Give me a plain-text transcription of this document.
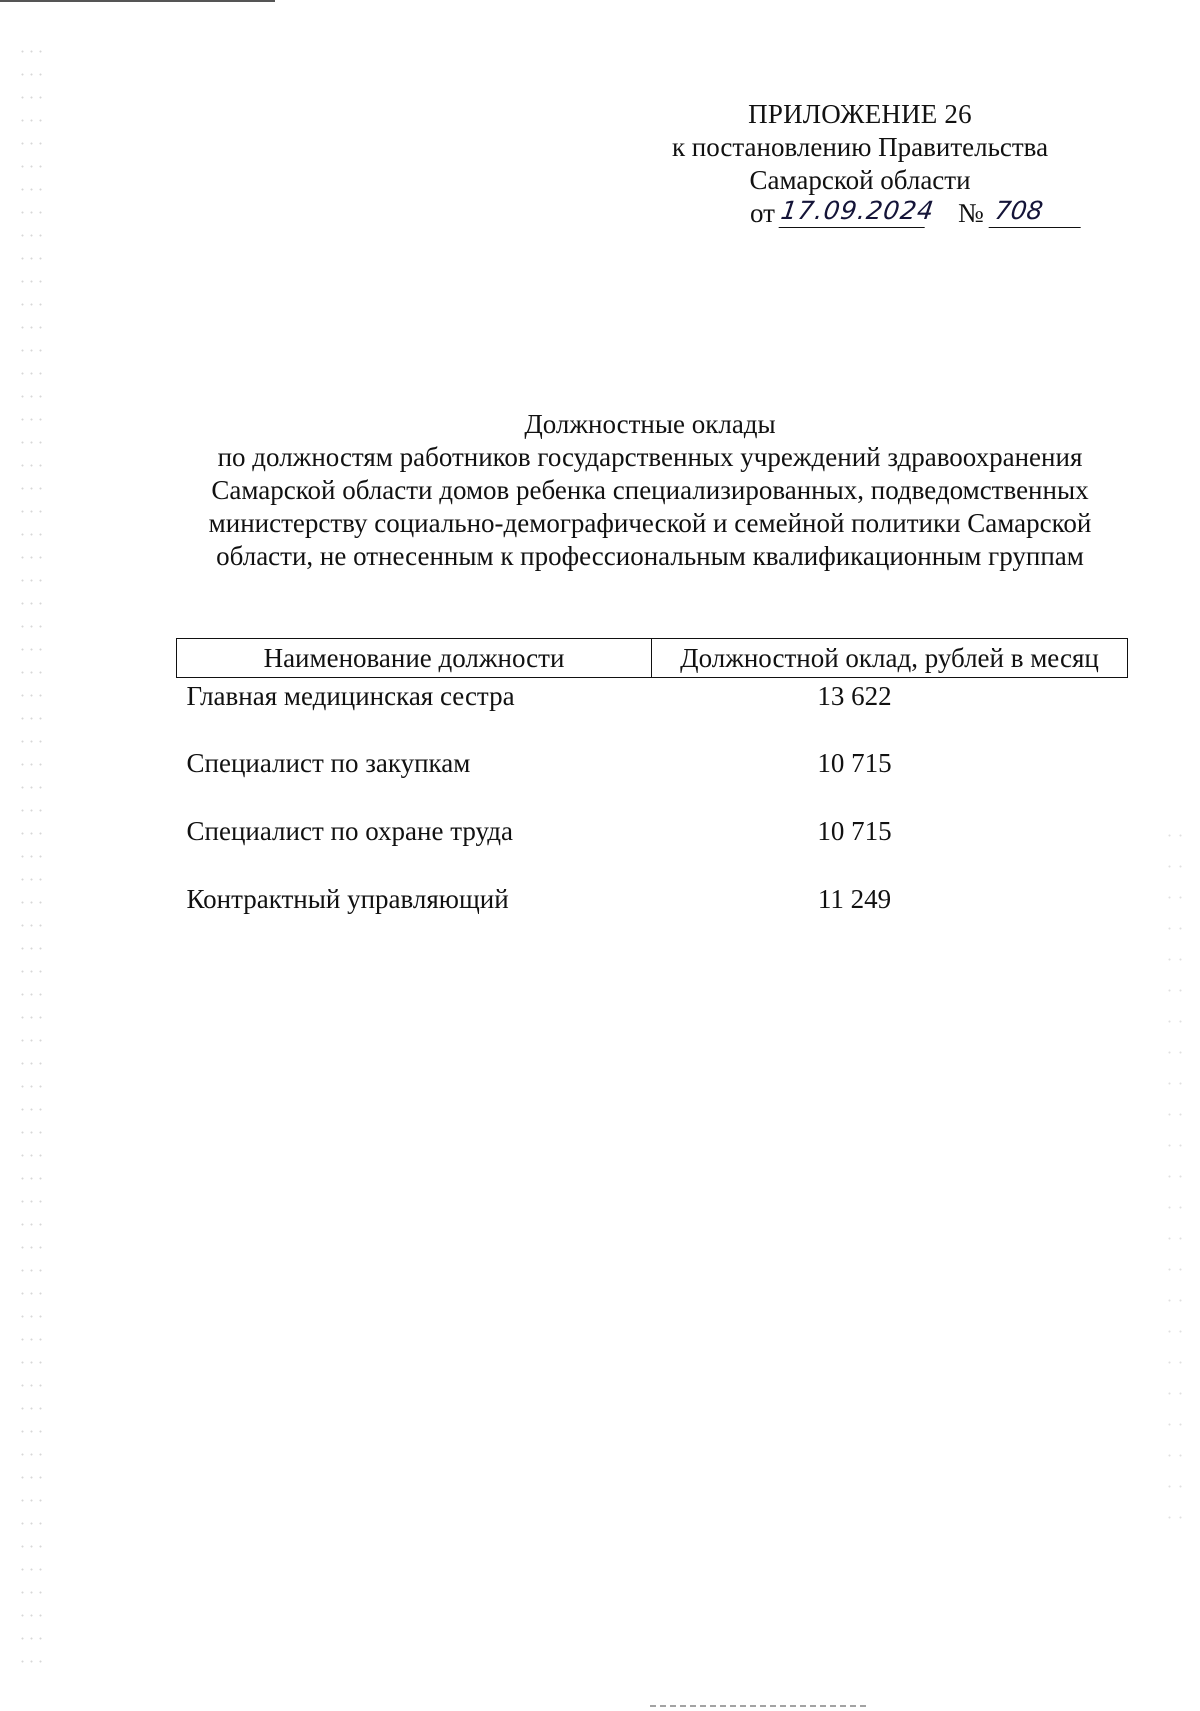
ПРИЛОЖЕНИЕ 26
к постановлению Правительства
Самарской области
от 17.09.2024 № 708
Должностные оклады
по должностям работников государственных учреждений здравоохранения
Самарской области домов ребенка специализированных, подведомственных
министерству социально-демографической и семейной политики Самарской
области, не отнесенным к профессиональным квалификационным группам
Наименование должности	Должностной оклад, рублей в месяц
Главная медицинская сестра	13 622
Специалист по закупкам	10 715
Специалист по охране труда	10 715
Контрактный управляющий	11 249
